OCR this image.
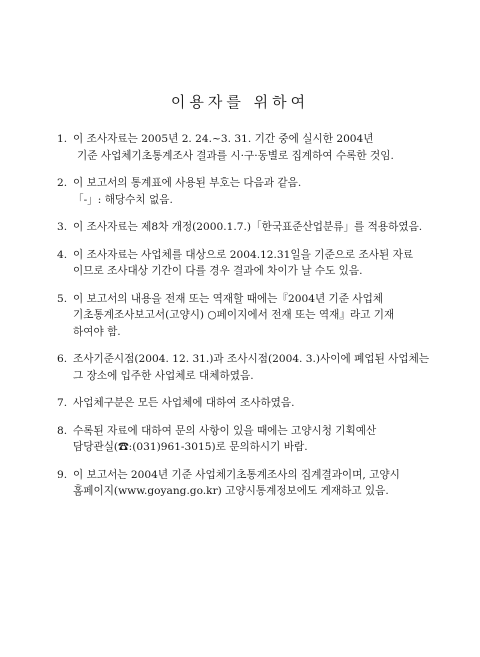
이용자를 위하여
1. 이 조사자료는 2005년 2. 24.~3. 31. 기간 중에 실시한 2004년
기준 사업체기초통계조사 결과를 시·구·동별로 집계하여 수록한 것임.
2. 이 보고서의 통계표에 사용된 부호는 다음과 같음.
「-」: 해당수치 없음.
3. 이 조사자료는 제8차 개정(2000.1.7.)「한국표준산업분류」를 적용하였음.
4. 이 조사자료는 사업체를 대상으로 2004.12.31일을 기준으로 조사된 자료
이므로 조사대상 기간이 다를 경우 결과에 차이가 날 수도 있음.
5. 이 보고서의 내용을 전재 또는 역재할 때에는『2004년 기준 사업체
기초통계조사보고서(고양시) ○페이지에서 전재 또는 역재』라고 기재
하여야 함.
6. 조사기준시점(2004. 12. 31.)과 조사시점(2004. 3.)사이에 폐업된 사업체는
그 장소에 입주한 사업체로 대체하였음.
7. 사업체구분은 모든 사업체에 대하여 조사하였음.
8. 수록된 자료에 대하여 문의 사항이 있을 때에는 고양시청 기획예산
담당관실(☎:(031)961-3015)로 문의하시기 바람.
9. 이 보고서는 2004년 기준 사업체기초통계조사의 집계결과이며, 고양시
홈페이지(www.goyang.go.kr) 고양시통계정보에도 게재하고 있음.
